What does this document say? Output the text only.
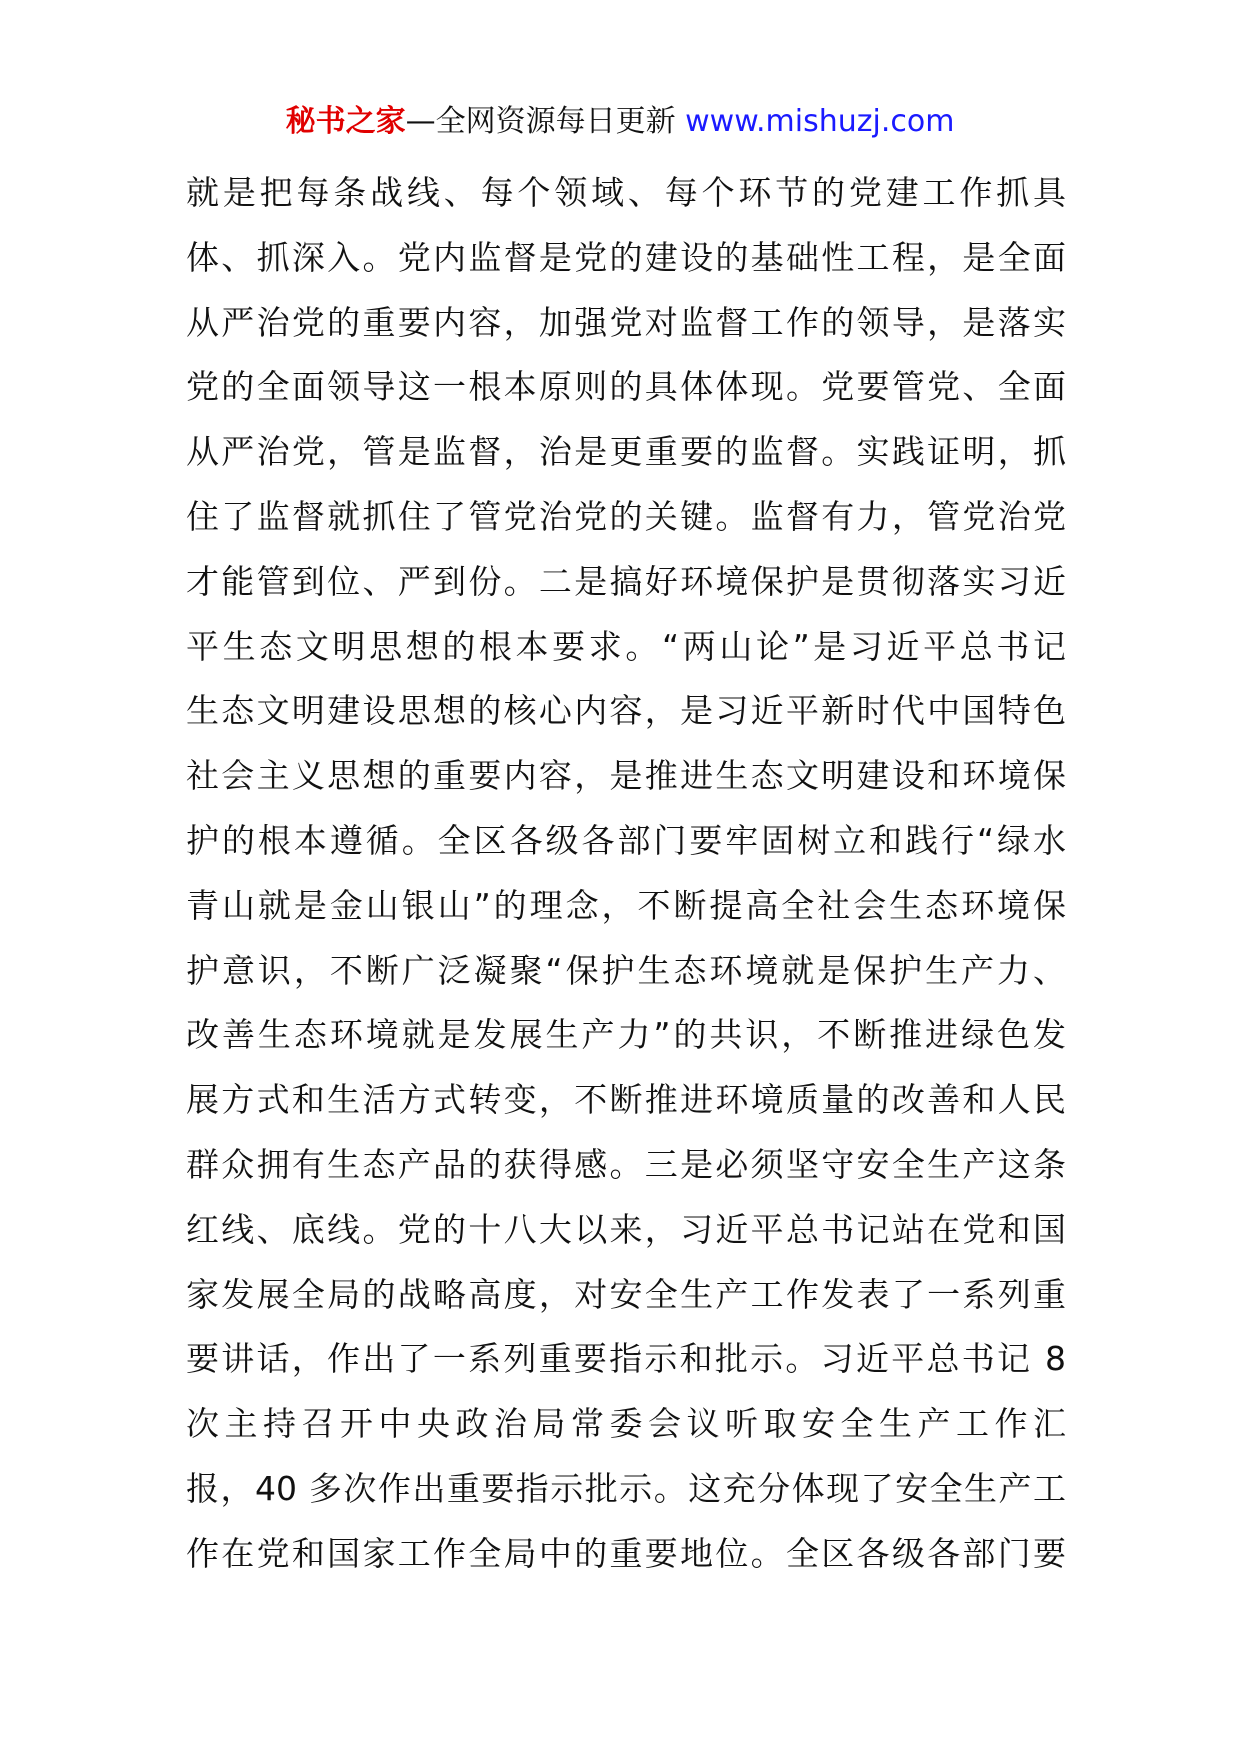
秘书之家—全网资源每日更新 www.mishuzj.com
就是把每条战线、每个领域、每个环节的党建工作抓具
体、抓深入。党内监督是党的建设的基础性工程，是全面
从严治党的重要内容，加强党对监督工作的领导，是落实
党的全面领导这一根本原则的具体体现。党要管党、全面
从严治党，管是监督，治是更重要的监督。实践证明，抓
住了监督就抓住了管党治党的关键。监督有力，管党治党
才能管到位、严到份。二是搞好环境保护是贯彻落实习近
平生态文明思想的根本要求。“两山论”是习近平总书记
生态文明建设思想的核心内容，是习近平新时代中国特色
社会主义思想的重要内容，是推进生态文明建设和环境保
护的根本遵循。全区各级各部门要牢固树立和践行“绿水
青山就是金山银山”的理念，不断提高全社会生态环境保
护意识，不断广泛凝聚“保护生态环境就是保护生产力、
改善生态环境就是发展生产力”的共识，不断推进绿色发
展方式和生活方式转变，不断推进环境质量的改善和人民
群众拥有生态产品的获得感。三是必须坚守安全生产这条
红线、底线。党的十八大以来，习近平总书记站在党和国
家发展全局的战略高度，对安全生产工作发表了一系列重
要讲话，作出了一系列重要指示和批示。习近平总书记 8
次主持召开中央政治局常委会议听取安全生产工作汇
报，40 多次作出重要指示批示。这充分体现了安全生产工
作在党和国家工作全局中的重要地位。全区各级各部门要
